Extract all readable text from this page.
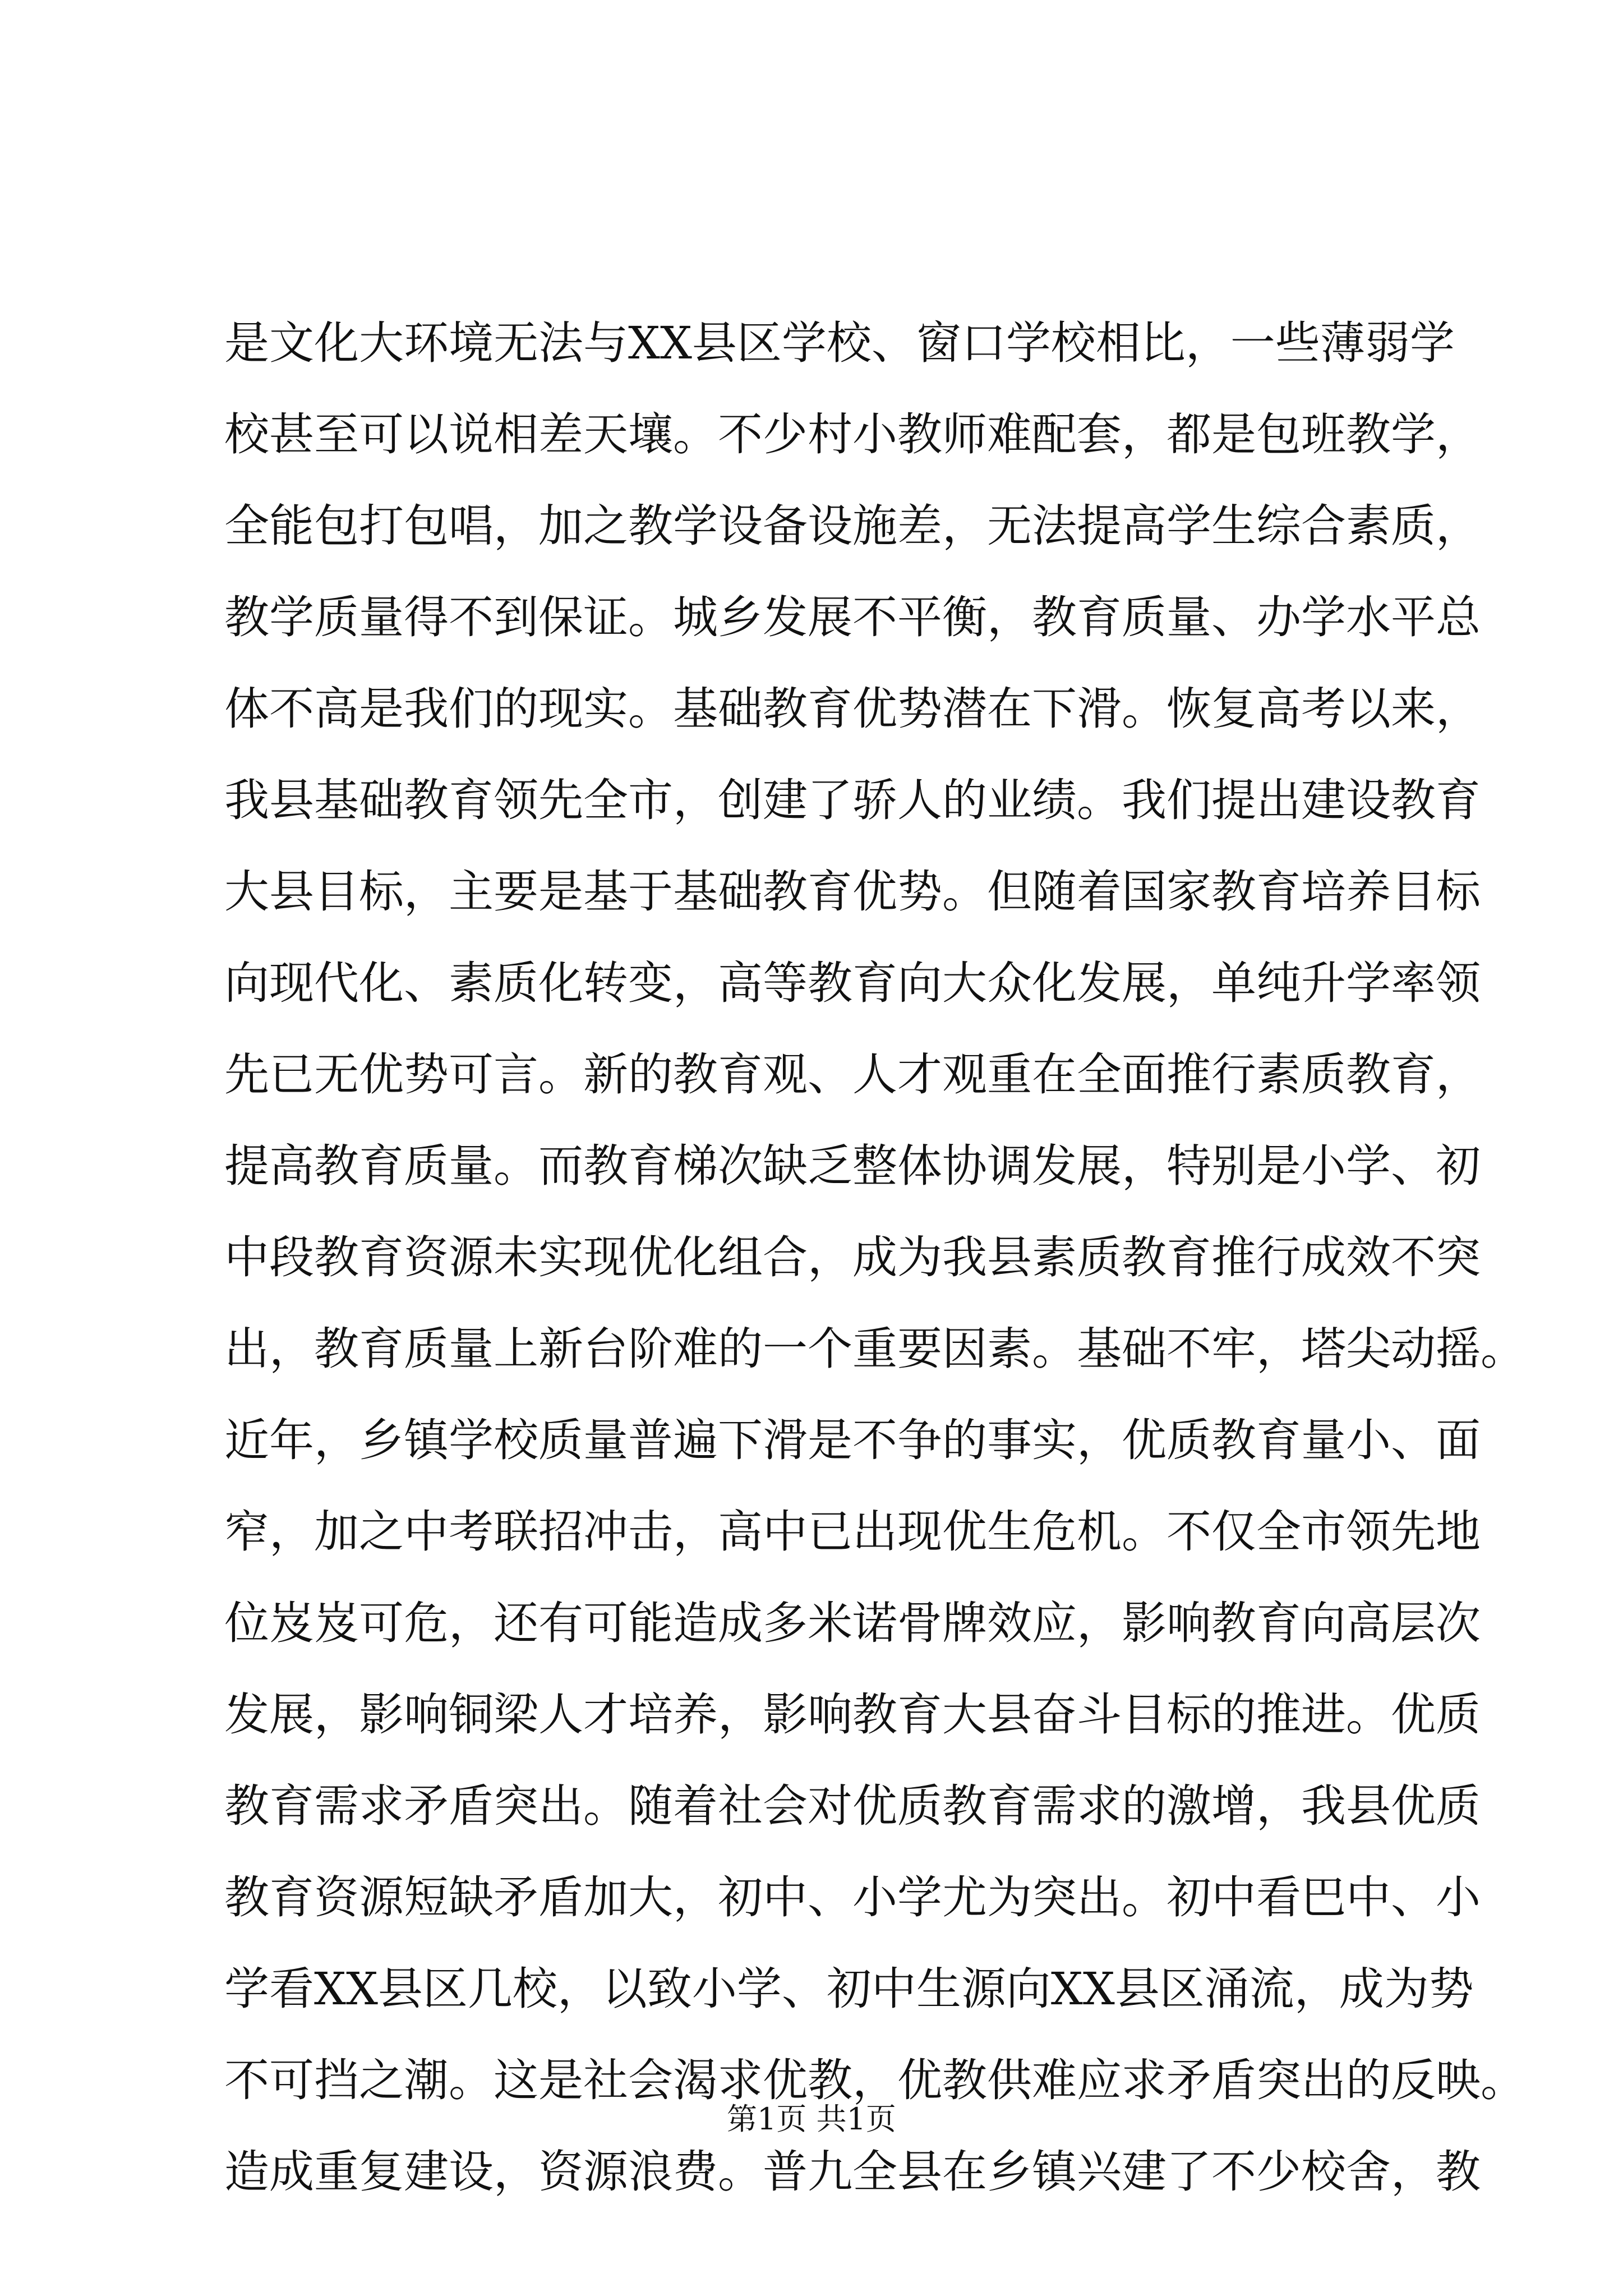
是文化大环境无法与XX县区学校、窗口学校相比，一些薄弱学
校甚至可以说相差天壤。不少村小教师难配套，都是包班教学，
全能包打包唱，加之教学设备设施差，无法提高学生综合素质，
教学质量得不到保证。城乡发展不平衡，教育质量、办学水平总
体不高是我们的现实。基础教育优势潜在下滑。恢复高考以来，
我县基础教育领先全市，创建了骄人的业绩。我们提出建设教育
大县目标，主要是基于基础教育优势。但随着国家教育培养目标
向现代化、素质化转变，高等教育向大众化发展，单纯升学率领
先已无优势可言。新的教育观、人才观重在全面推行素质教育，
提高教育质量。而教育梯次缺乏整体协调发展，特别是小学、初
中段教育资源未实现优化组合，成为我县素质教育推行成效不突
出，教育质量上新台阶难的一个重要因素。基础不牢，塔尖动摇。
近年，乡镇学校质量普遍下滑是不争的事实，优质教育量小、面
窄，加之中考联招冲击，高中已出现优生危机。不仅全市领先地
位岌岌可危，还有可能造成多米诺骨牌效应，影响教育向高层次
发展，影响铜梁人才培养，影响教育大县奋斗目标的推进。优质
教育需求矛盾突出。随着社会对优质教育需求的激增，我县优质
教育资源短缺矛盾加大，初中、小学尤为突出。初中看巴中、小
学看XX县区几校，以致小学、初中生源向XX县区涌流，成为势
不可挡之潮。这是社会渴求优教，优教供难应求矛盾突出的反映。
造成重复建设，资源浪费。普九全县在乡镇兴建了不少校舍，教
第1页 共1页
